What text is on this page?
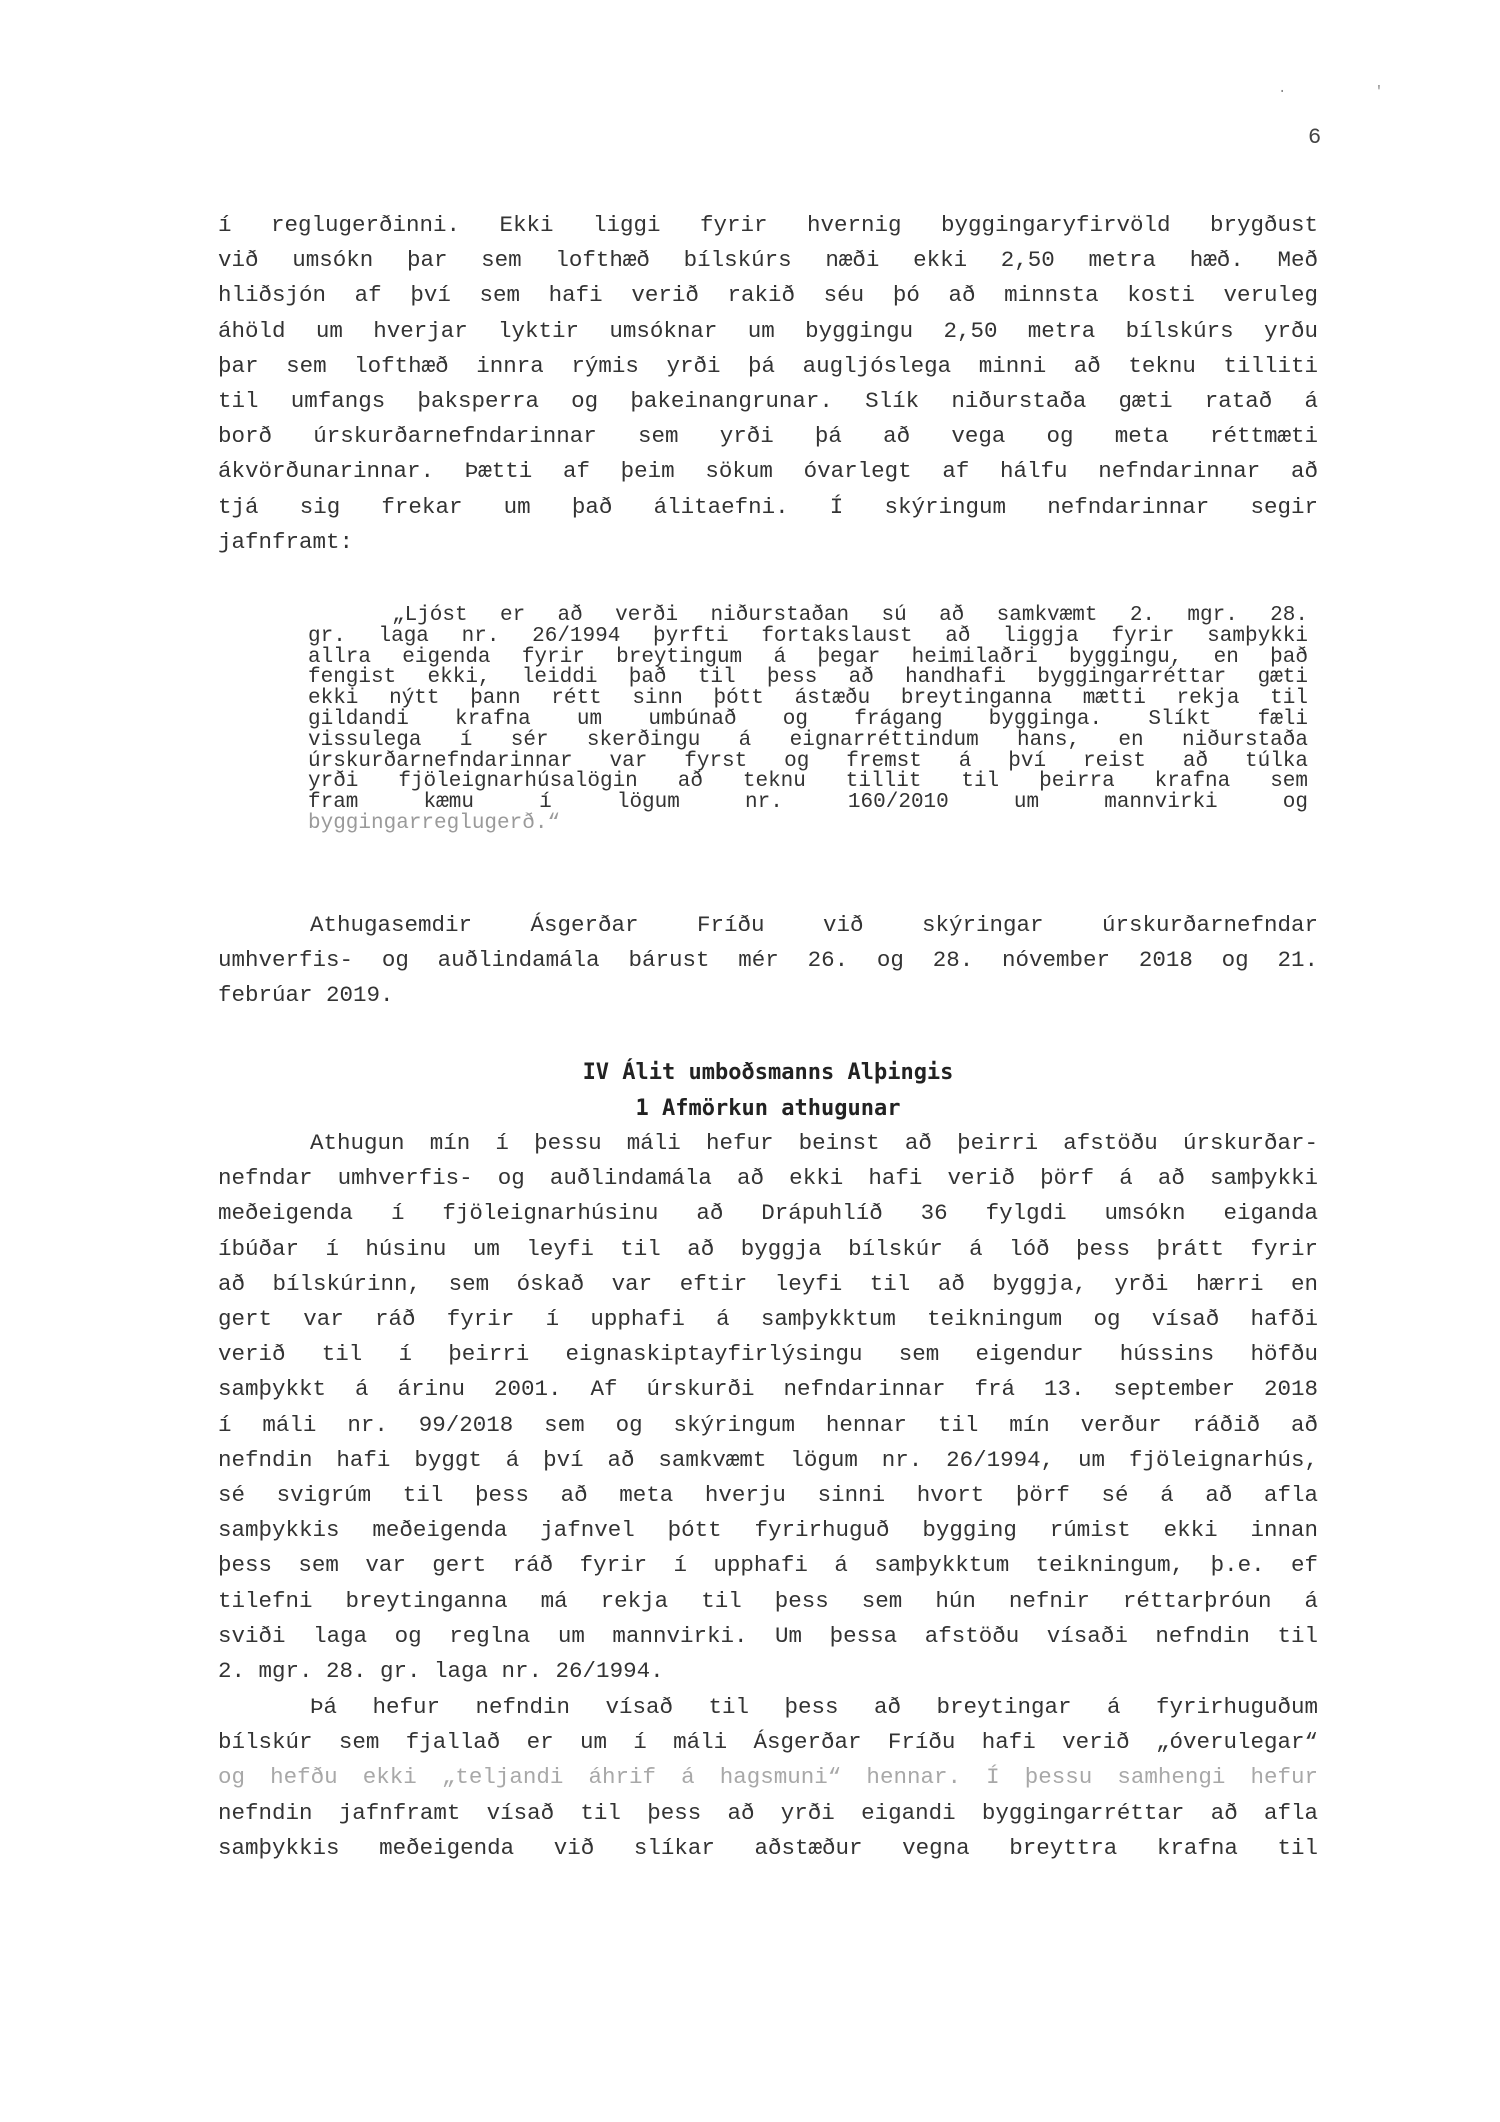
· '
6
í reglugerðinni. Ekki liggi fyrir hvernig byggingaryfirvöld brygðust
við umsókn þar sem lofthæð bílskúrs næði ekki 2,50 metra hæð. Með
hliðsjón af því sem hafi verið rakið séu þó að minnsta kosti veruleg
áhöld um hverjar lyktir umsóknar um byggingu 2,50 metra bílskúrs yrðu
þar sem lofthæð innra rýmis yrði þá augljóslega minni að teknu tilliti
til umfangs þaksperra og þakeinangrunar. Slík niðurstaða gæti ratað á
borð úrskurðarnefndarinnar sem yrði þá að vega og meta réttmæti
ákvörðunarinnar. Þætti af þeim sökum óvarlegt af hálfu nefndarinnar að
tjá sig frekar um það álitaefni. Í skýringum nefndarinnar segir
jafnframt:
„Ljóst er að verði niðurstaðan sú að samkvæmt 2. mgr. 28.
gr. laga nr. 26/1994 þyrfti fortakslaust að liggja fyrir samþykki
allra eigenda fyrir breytingum á þegar heimilaðri byggingu, en það
fengist ekki, leiddi það til þess að handhafi byggingarréttar gæti
ekki nýtt þann rétt sinn þótt ástæðu breytinganna mætti rekja til
gildandi krafna um umbúnað og frágang bygginga. Slíkt fæli
vissulega í sér skerðingu á eignarréttindum hans, en niðurstaða
úrskurðarnefndarinnar var fyrst og fremst á því reist að túlka
yrði fjöleignarhúsalögin að teknu tillit til þeirra krafna sem
fram kæmu í lögum nr. 160/2010 um mannvirki og
byggingarreglugerð.“
Athugasemdir Ásgerðar Fríðu við skýringar úrskurðarnefndar
umhverfis- og auðlindamála bárust mér 26. og 28. nóvember 2018 og 21.
febrúar 2019.
IV Álit umboðsmanns Alþingis
1 Afmörkun athugunar
Athugun mín í þessu máli hefur beinst að þeirri afstöðu úrskurðar-
nefndar umhverfis- og auðlindamála að ekki hafi verið þörf á að samþykki
meðeigenda í fjöleignarhúsinu að Drápuhlíð 36 fylgdi umsókn eiganda
íbúðar í húsinu um leyfi til að byggja bílskúr á lóð þess þrátt fyrir
að bílskúrinn, sem óskað var eftir leyfi til að byggja, yrði hærri en
gert var ráð fyrir í upphafi á samþykktum teikningum og vísað hafði
verið til í þeirri eignaskiptayfirlýsingu sem eigendur hússins höfðu
samþykkt á árinu 2001. Af úrskurði nefndarinnar frá 13. september 2018
í máli nr. 99/2018 sem og skýringum hennar til mín verður ráðið að
nefndin hafi byggt á því að samkvæmt lögum nr. 26/1994, um fjöleignarhús,
sé svigrúm til þess að meta hverju sinni hvort þörf sé á að afla
samþykkis meðeigenda jafnvel þótt fyrirhuguð bygging rúmist ekki innan
þess sem var gert ráð fyrir í upphafi á samþykktum teikningum, þ.e. ef
tilefni breytinganna má rekja til þess sem hún nefnir réttarþróun á
sviði laga og reglna um mannvirki. Um þessa afstöðu vísaði nefndin til
2. mgr. 28. gr. laga nr. 26/1994.
Þá hefur nefndin vísað til þess að breytingar á fyrirhuguðum
bílskúr sem fjallað er um í máli Ásgerðar Fríðu hafi verið „óverulegar“
og hefðu ekki „teljandi áhrif á hagsmuni“ hennar. Í þessu samhengi hefur
nefndin jafnframt vísað til þess að yrði eigandi byggingarréttar að afla
samþykkis meðeigenda við slíkar aðstæður vegna breyttra krafna til
